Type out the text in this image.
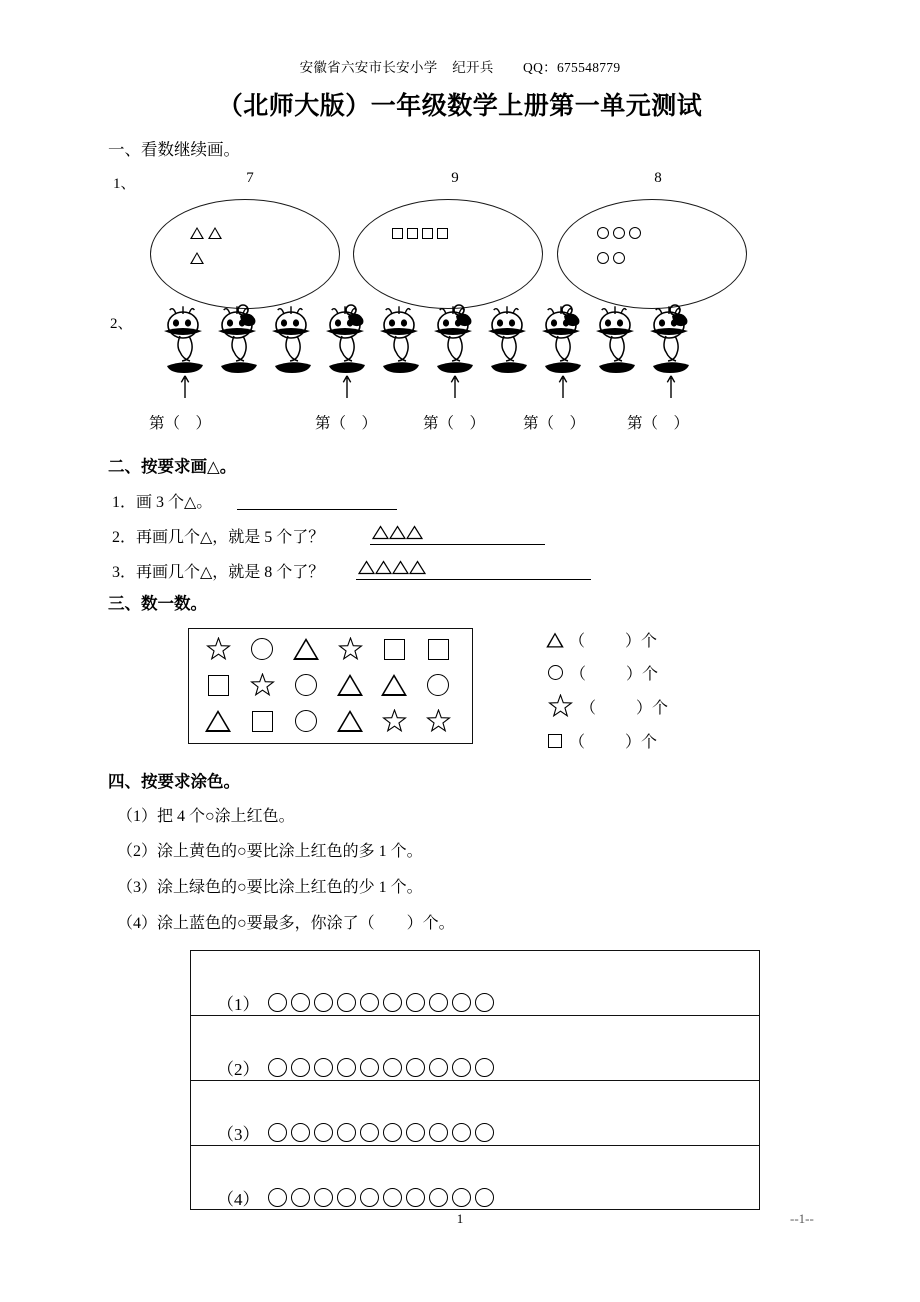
安徽省六安市长安小学    纪开兵        QQ：675548779
（北师大版）一年级数学上册第一单元测试
一、看数继续画。
1、	7	9	8
2、
第（　）	第（　）	第（　） 第（　）	第（　）
二、按要求画△。
1．画 3 个△。
2．再画几个△，就是 5 个了？
3．再画几个△，就是 8 个了？
三、数一数。
（          ）个
（          ）个
（          ）个
（          ）个
四、按要求涂色。
（1）把 4 个○涂上红色。
（2）涂上黄色的○要比涂上红色的多 1 个。
（3）涂上绿色的○要比涂上红色的少 1 个。
（4）涂上蓝色的○要最多，你涂了（        ）个。
（1）
（2）
（3）
（4）
1	--1--
